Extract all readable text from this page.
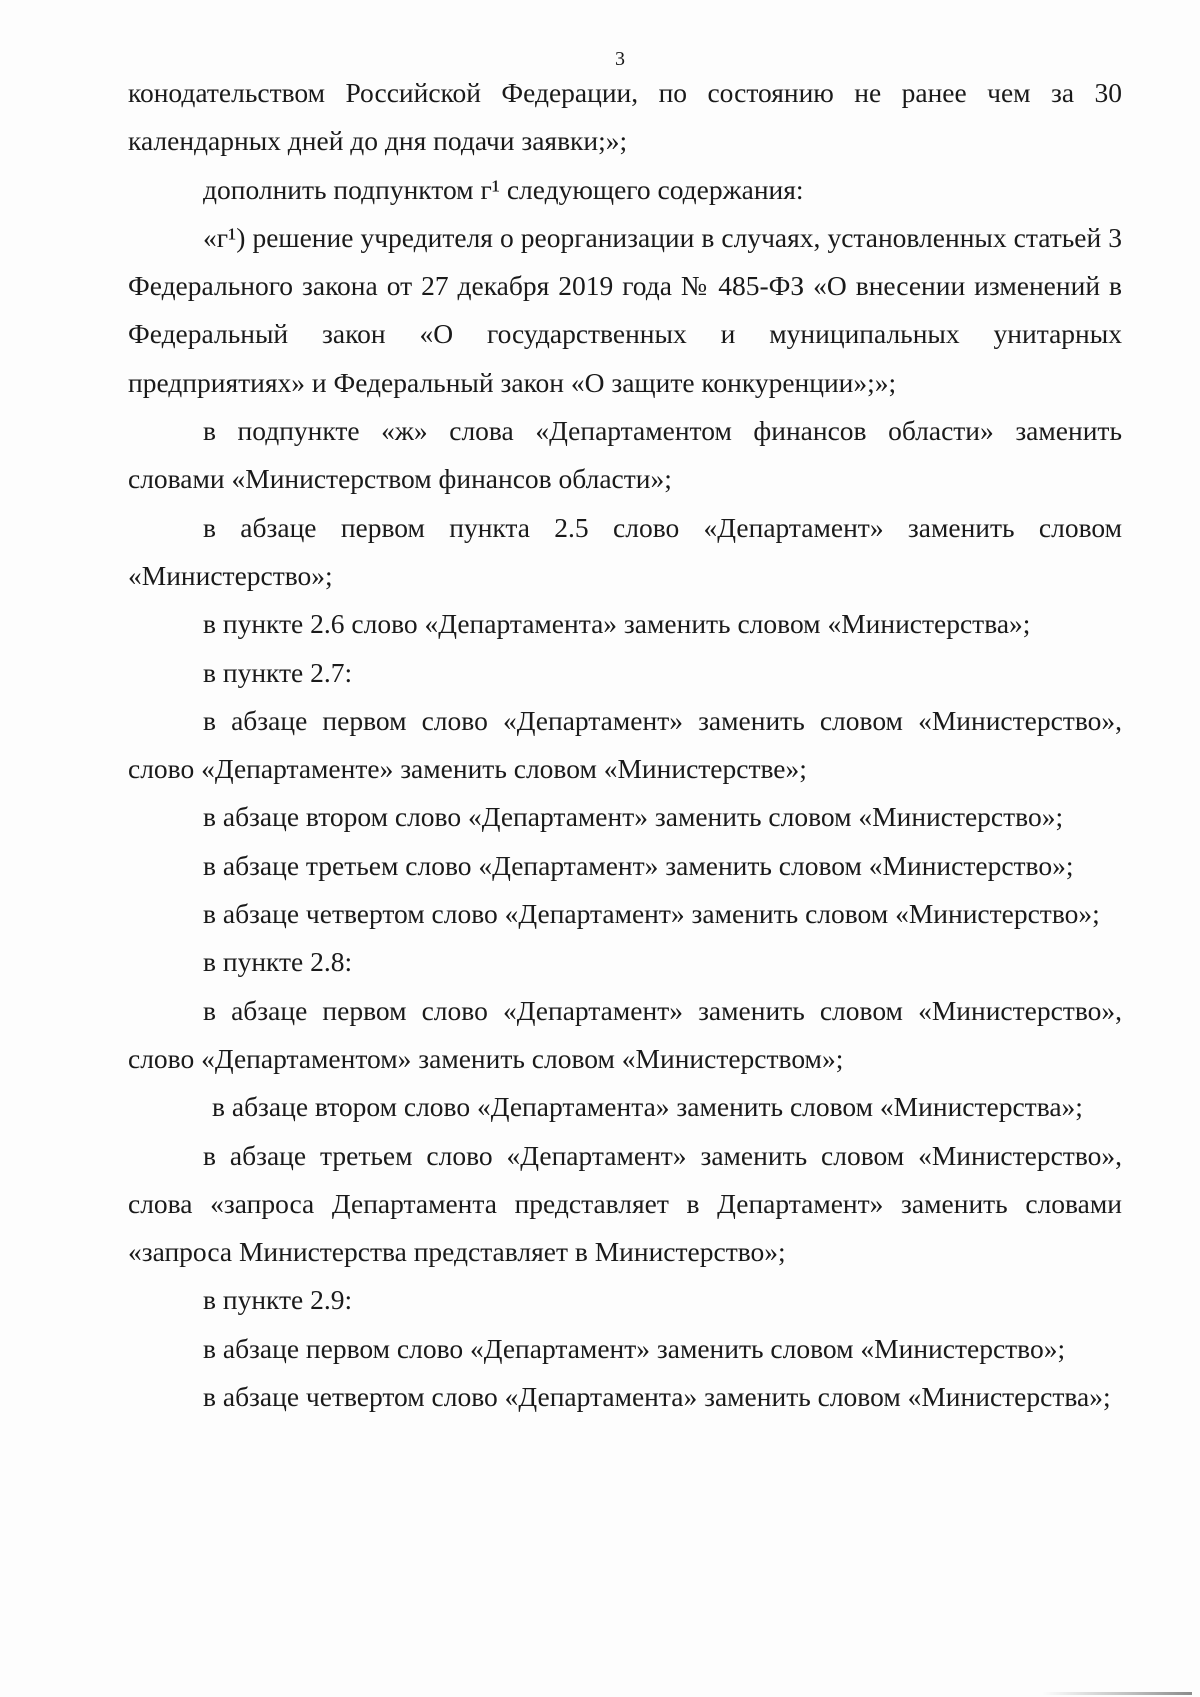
3

конодательством Российской Федерации, по состоянию не ранее чем за 30 календарных дней до дня подачи заявки;»;

дополнить подпунктом г¹ следующего содержания:

«г¹) решение учредителя о реорганизации в случаях, установленных статьей 3 Федерального закона от 27 декабря 2019 года № 485-ФЗ «О внесении изменений в Федеральный закон «О государственных и муниципальных унитарных предприятиях» и Федеральный закон «О защите конкуренции»;»;

в подпункте «ж» слова «Департаментом финансов области» заменить словами «Министерством финансов области»;

в абзаце первом пункта 2.5 слово «Департамент» заменить словом «Министерство»;

в пункте 2.6 слово «Департамента» заменить словом «Министерства»;

в пункте 2.7:

в абзаце первом слово «Департамент» заменить словом «Министерство», слово «Департаменте» заменить словом «Министерстве»;

в абзаце втором слово «Департамент» заменить словом «Министерство»;

в абзаце третьем слово «Департамент» заменить словом «Министерство»;

в абзаце четвертом слово «Департамент» заменить словом «Министерство»;

в пункте 2.8:

в абзаце первом слово «Департамент» заменить словом «Министерство», слово «Департаментом» заменить словом «Министерством»;

в абзаце втором слово «Департамента» заменить словом «Министерства»;

в абзаце третьем слово «Департамент» заменить словом «Министерство», слова «запроса Департамента представляет в Департамент» заменить словами «запроса Министерства представляет в Министерство»;

в пункте 2.9:

в абзаце первом слово «Департамент» заменить словом «Министерство»;

в абзаце четвертом слово «Департамента» заменить словом «Министерства»;
